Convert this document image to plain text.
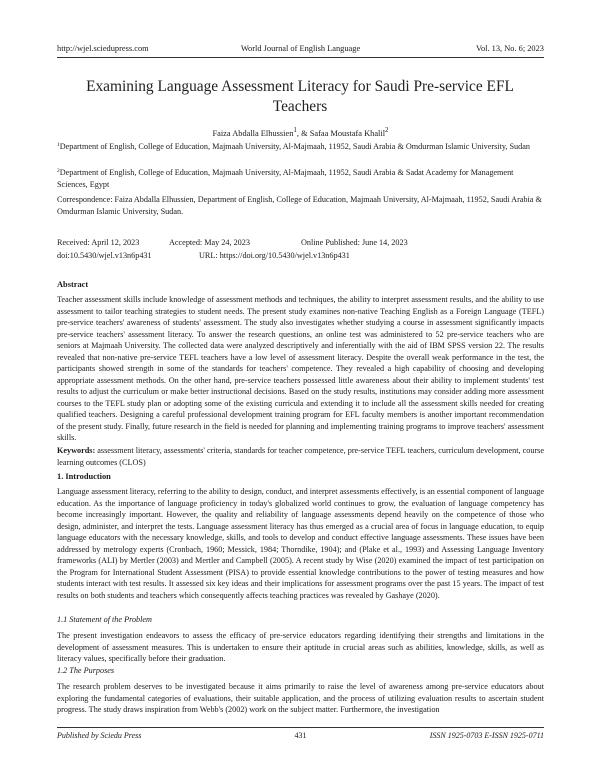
http://wjel.sciedupress.com	World Journal of English Language	Vol. 13, No. 6; 2023
Examining Language Assessment Literacy for Saudi Pre-service EFL Teachers
Faiza Abdalla Elhussien$^1$, & Safaa Moustafa Khalil$^2$
$^1$Department of English, College of Education, Majmaah University, Al-Majmaah, 11952, Saudi Arabia & Omdurman Islamic University, Sudan
$^2$Department of English, College of Education, Majmaah University, Al-Majmaah, 11952, Saudi Arabia & Sadat Academy for Management Sciences, Egypt
Correspondence: Faiza Abdalla Elhussien, Department of English, College of Education, Majmaah University, Al-Majmaah, 11952, Saudi Arabia & Omdurman Islamic University, Sudan.
Received: April 12, 2023	Accepted: May 24, 2023	Online Published: June 14, 2023
doi:10.5430/wjel.v13n6p431	URL: https://doi.org/10.5430/wjel.v13n6p431
Abstract
Teacher assessment skills include knowledge of assessment methods and techniques, the ability to interpret assessment results, and the ability to use assessment to tailor teaching strategies to student needs. The present study examines non-native Teaching English as a Foreign Language (TEFL) pre-service teachers' awareness of students' assessment. The study also investigates whether studying a course in assessment significantly impacts pre-service teachers' assessment literacy. To answer the research questions, an online test was administered to 52 pre-service teachers who are seniors at Majmaah University. The collected data were analyzed descriptively and inferentially with the aid of IBM SPSS version 22. The results revealed that non-native pre-service TEFL teachers have a low level of assessment literacy. Despite the overall weak performance in the test, the participants showed strength in some of the standards for teachers' competence. They revealed a high capability of choosing and developing appropriate assessment methods. On the other hand, pre-service teachers possessed little awareness about their ability to implement students' test results to adjust the curriculum or make better instructional decisions. Based on the study results, institutions may consider adding more assessment courses to the TEFL study plan or adopting some of the existing curricula and extending it to include all the assessment skills needed for creating qualified teachers. Designing a careful professional development training program for EFL faculty members is another important recommendation of the present study. Finally, future research in the field is needed for planning and implementing training programs to improve teachers' assessment skills.
Keywords: assessment literacy, assessments' criteria, standards for teacher competence, pre-service TEFL teachers, curriculum development, course learning outcomes (CLOS)
1. Introduction
Language assessment literacy, referring to the ability to design, conduct, and interpret assessments effectively, is an essential component of language education. As the importance of language proficiency in today's globalized world continues to grow, the evaluation of language competency has become increasingly important. However, the quality and reliability of language assessments depend heavily on the competence of those who design, administer, and interpret the tests. Language assessment literacy has thus emerged as a crucial area of focus in language education, to equip language educators with the necessary knowledge, skills, and tools to develop and conduct effective language assessments. These issues have been addressed by metrology experts (Cronbach, 1960; Messick, 1984; Thorndike, 1904); and (Plake et al., 1993) and Assessing Language Inventory frameworks (ALI) by Mertler (2003) and Mertler and Campbell (2005). A recent study by Wise (2020) examined the impact of test participation on the Program for International Student Assessment (PISA) to provide essential knowledge contributions to the power of testing measures and how students interact with test results. It assessed six key ideas and their implications for assessment programs over the past 15 years. The impact of test results on both students and teachers which consequently affects teaching practices was revealed by Gashaye (2020).
1.1 Statement of the Problem
The present investigation endeavors to assess the efficacy of pre-service educators regarding identifying their strengths and limitations in the development of assessment measures. This is undertaken to ensure their aptitude in crucial areas such as abilities, knowledge, skills, as well as literacy values, specifically before their graduation.
1.2 The Purposes
The research problem deserves to be investigated because it aims primarily to raise the level of awareness among pre-service educators about exploring the fundamental categories of evaluations, their suitable application, and the process of utilizing evaluation results to ascertain student progress. The study draws inspiration from Webb's (2002) work on the subject matter. Furthermore, the investigation
Published by Sciedu Press	431	ISSN 1925-0703 E-ISSN 1925-0711
